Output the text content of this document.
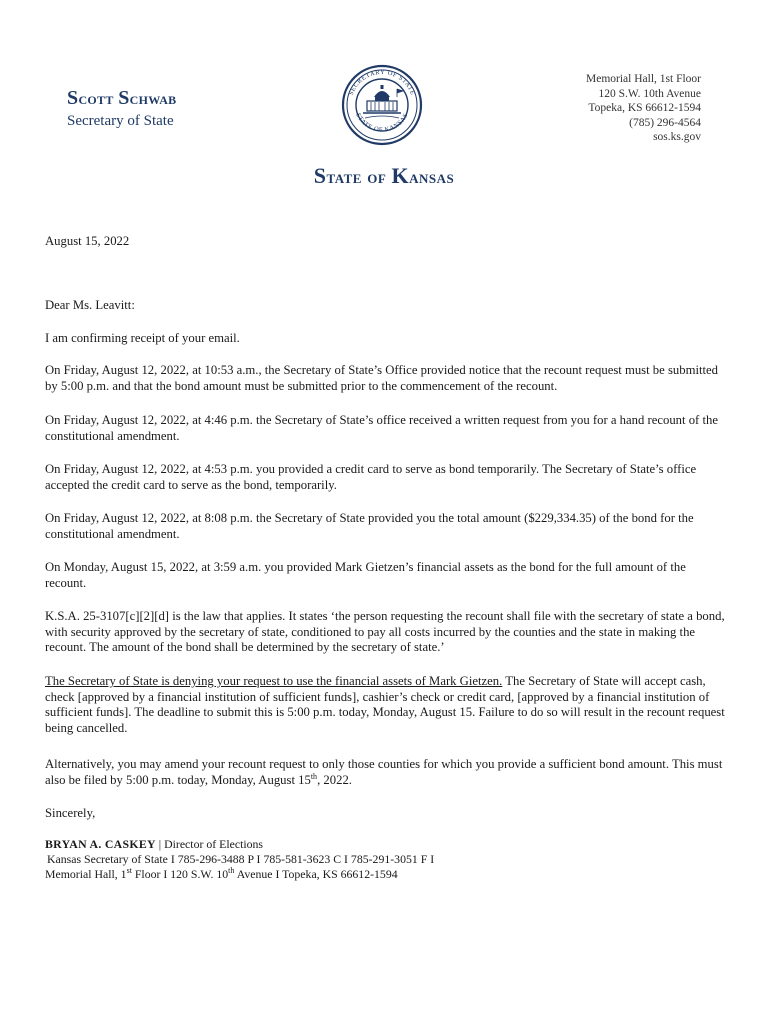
Scott Schwab
Secretary of State
SECRETARY OF STATE
STATE OF KANSAS
Memorial Hall, 1st Floor
120 S.W. 10th Avenue
Topeka, KS 66612-1594
(785) 296-4564
sos.ks.gov
State of Kansas
August 15, 2022
Dear Ms. Leavitt:
I am confirming receipt of your email.
On Friday, August 12, 2022, at 10:53 a.m., the Secretary of State’s Office provided notice that the recount request must be submitted by 5:00 p.m. and that the bond amount must be submitted prior to the commencement of the recount.
On Friday, August 12, 2022, at 4:46 p.m. the Secretary of State’s office received a written request from you for a hand recount of the constitutional amendment.
On Friday, August 12, 2022, at 4:53 p.m. you provided a credit card to serve as bond temporarily. The Secretary of State’s office accepted the credit card to serve as the bond, temporarily.
On Friday, August 12, 2022, at 8:08 p.m. the Secretary of State provided you the total amount ($229,334.35) of the bond for the constitutional amendment.
On Monday, August 15, 2022, at 3:59 a.m. you provided Mark Gietzen’s financial assets as the bond for the full amount of the recount.
K.S.A. 25-3107[c][2][d] is the law that applies. It states ‘the person requesting the recount shall file with the secretary of state a bond, with security approved by the secretary of state, conditioned to pay all costs incurred by the counties and the state in making the recount. The amount of the bond shall be determined by the secretary of state.’
The Secretary of State is denying your request to use the financial assets of Mark Gietzen. The Secretary of State will accept cash, check [approved by a financial institution of sufficient funds], cashier’s check or credit card, [approved by a financial institution of sufficient funds]. The deadline to submit this is 5:00 p.m. today, Monday, August 15. Failure to do so will result in the recount request being cancelled.
Alternatively, you may amend your recount request to only those counties for which you provide a sufficient bond amount. This must also be filed by 5:00 p.m. today, Monday, August 15th, 2022.
Sincerely,
BRYAN A. CASKEY | Director of Elections
Kansas Secretary of State I 785-296-3488 P I 785-581-3623 C I 785-291-3051 F I
Memorial Hall, 1st Floor I 120 S.W. 10th Avenue I Topeka, KS 66612-1594
